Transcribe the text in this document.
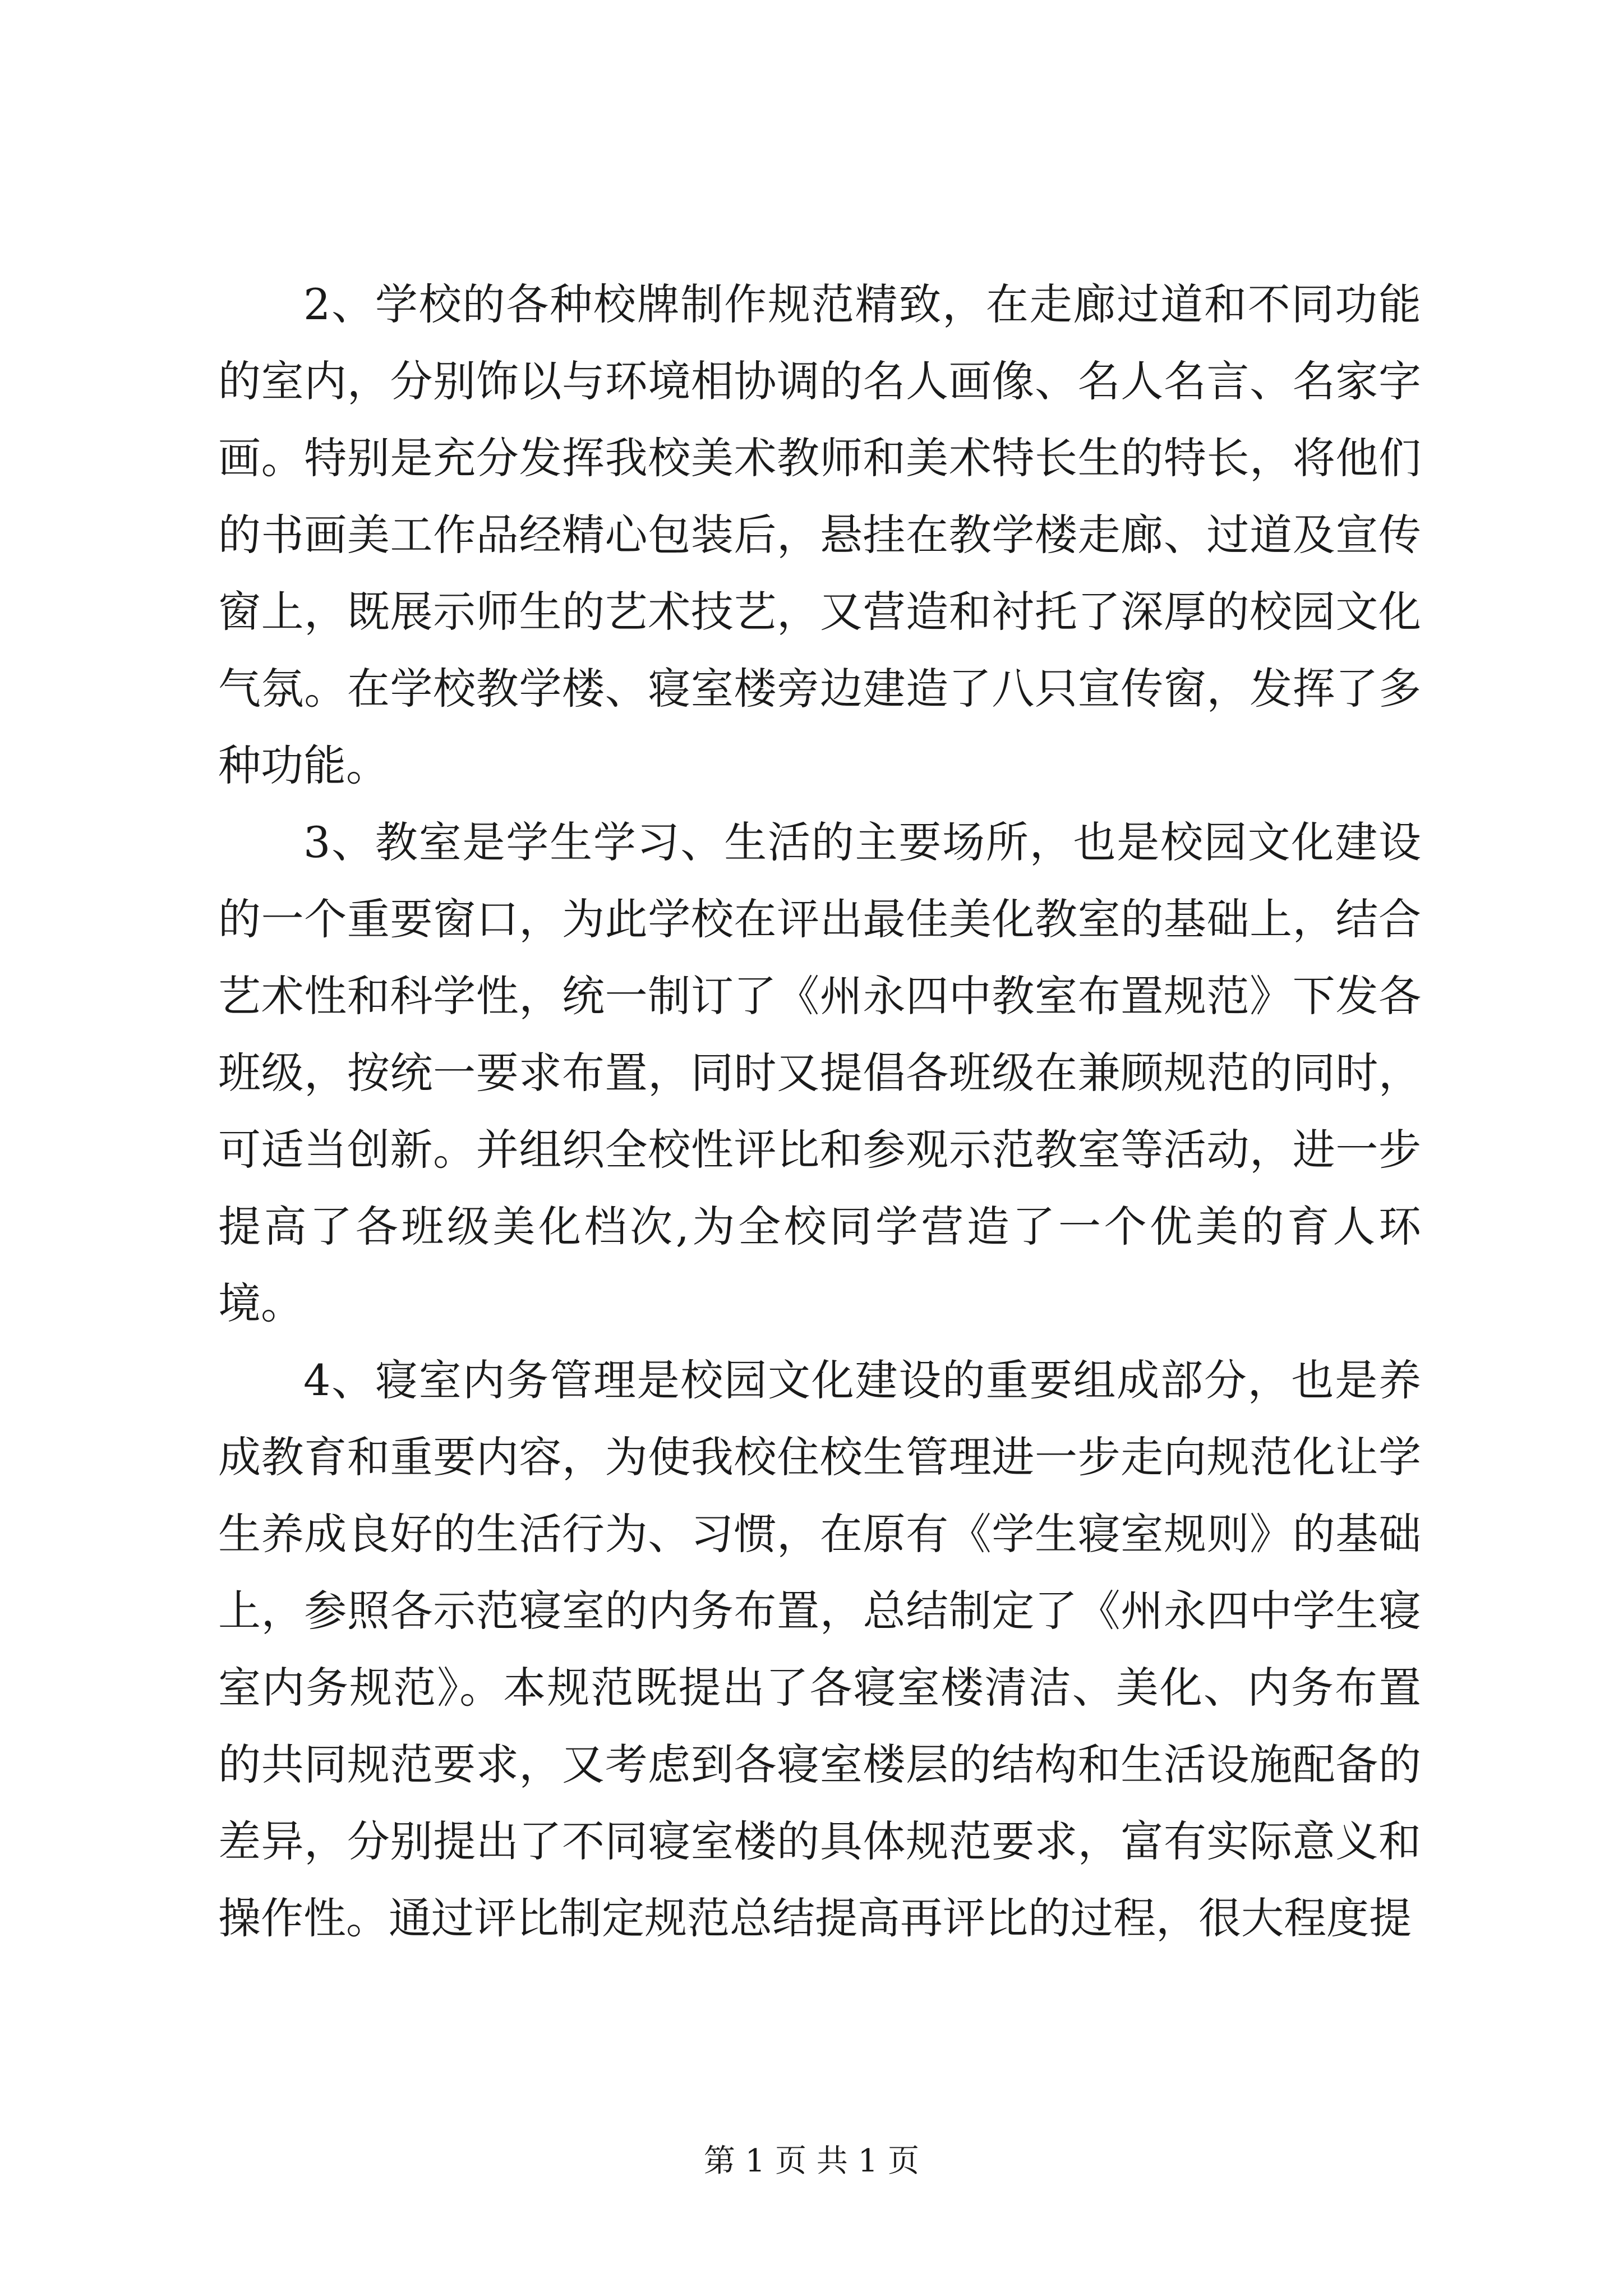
2、学校的各种校牌制作规范精致，在走廊过道和不同功能的室内，分别饰以与环境相协调的名人画像、名人名言、名家字画。特别是充分发挥我校美术教师和美术特长生的特长，将他们的书画美工作品经精心包装后，悬挂在教学楼走廊、过道及宣传窗上，既展示师生的艺术技艺，又营造和衬托了深厚的校园文化气氛。在学校教学楼、寝室楼旁边建造了八只宣传窗，发挥了多种功能。

3、教室是学生学习、生活的主要场所，也是校园文化建设的一个重要窗口，为此学校在评出最佳美化教室的基础上，结合艺术性和科学性，统一制订了《州永四中教室布置规范》下发各班级，按统一要求布置，同时又提倡各班级在兼顾规范的同时，可适当创新。并组织全校性评比和参观示范教室等活动，进一步提高了各班级美化档次,为全校同学营造了一个优美的育人环境。

4、寝室内务管理是校园文化建设的重要组成部分，也是养成教育和重要内容，为使我校住校生管理进一步走向规范化让学生养成良好的生活行为、习惯，在原有《学生寝室规则》的基础上，参照各示范寝室的内务布置，总结制定了《州永四中学生寝室内务规范》。本规范既提出了各寝室楼清洁、美化、内务布置的共同规范要求，又考虑到各寝室楼层的结构和生活设施配备的差异，分别提出了不同寝室楼的具体规范要求，富有实际意义和操作性。通过评比制定规范总结提高再评比的过程，很大程度提

第 1 页 共 1 页
